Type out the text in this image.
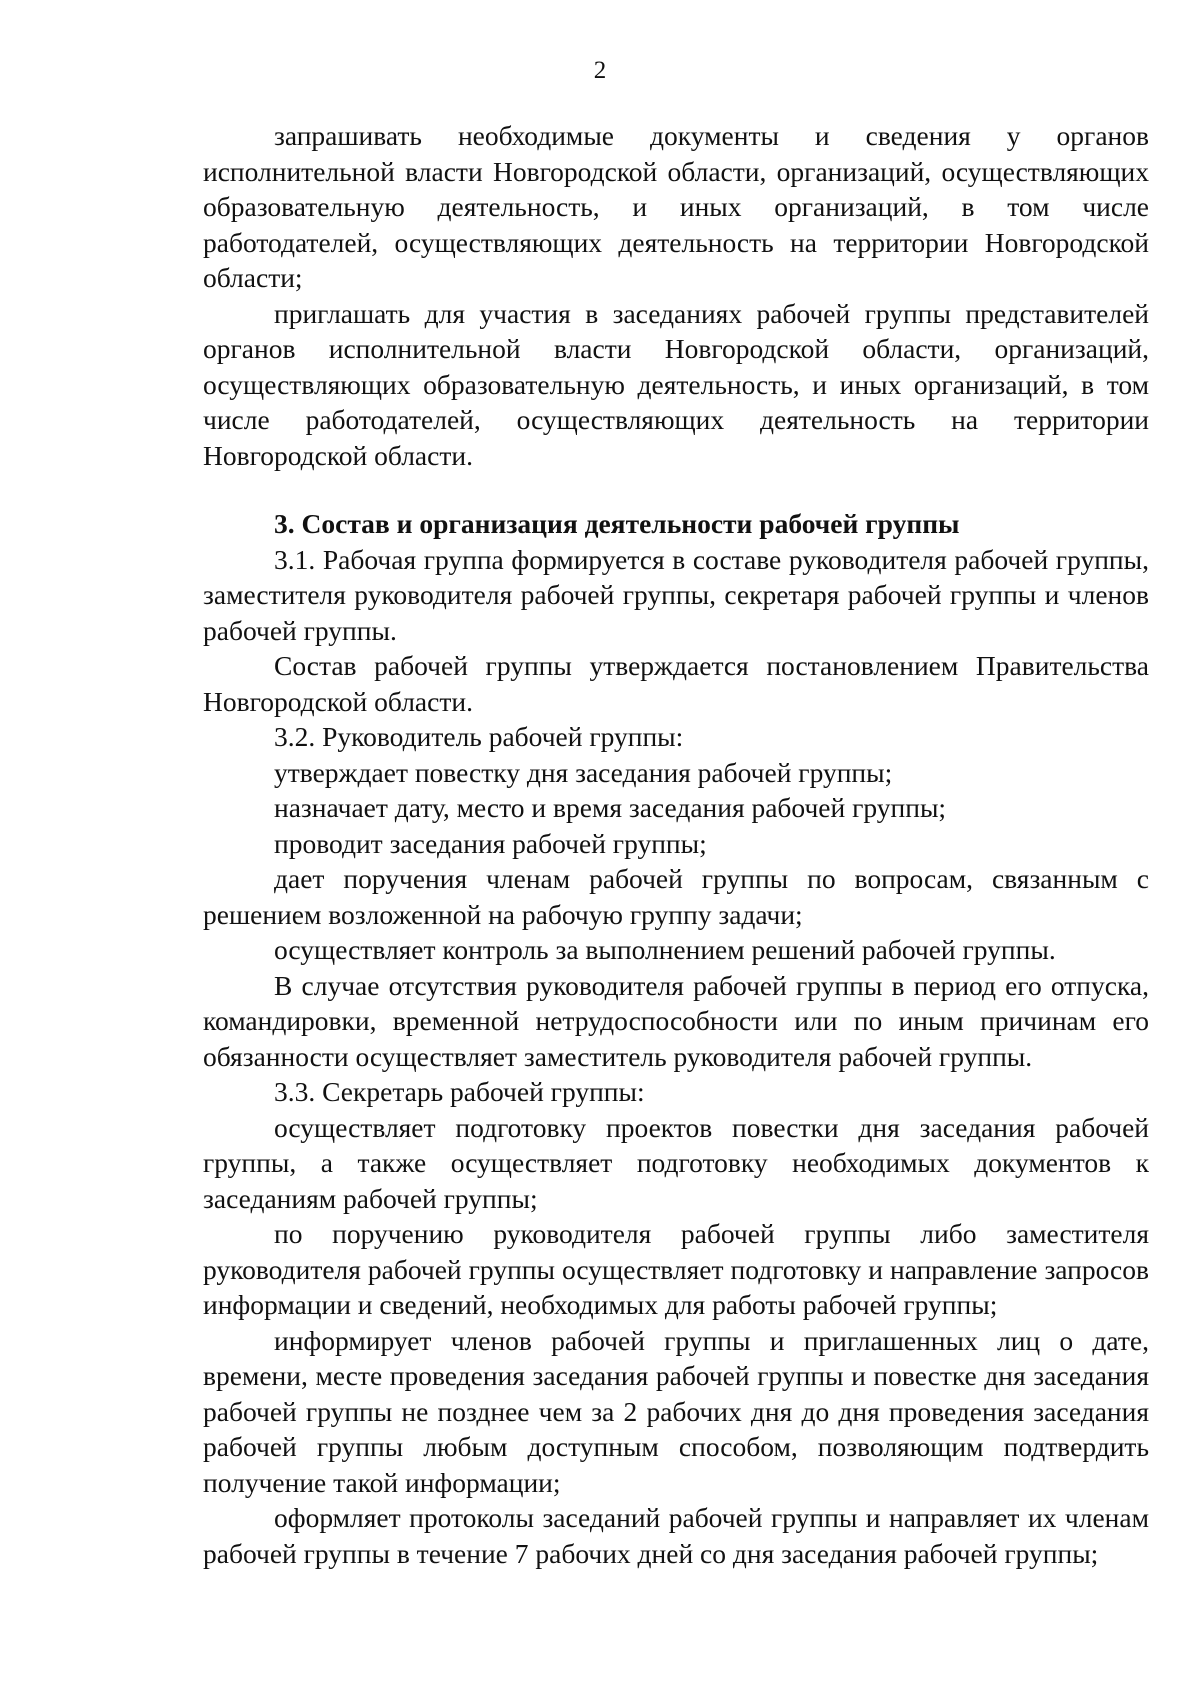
2

запрашивать необходимые документы и сведения у органов исполнительной власти Новгородской области, организаций, осуществляющих образовательную деятельность, и иных организаций, в том числе работодателей, осуществляющих деятельность на территории Новгородской области;

приглашать для участия в заседаниях рабочей группы представителей органов исполнительной власти Новгородской области, организаций, осуществляющих образовательную деятельность, и иных организаций, в том числе работодателей, осуществляющих деятельность на территории Новгородской области.

3. Состав и организация деятельности рабочей группы

3.1. Рабочая группа формируется в составе руководителя рабочей группы, заместителя руководителя рабочей группы, секретаря рабочей группы и членов рабочей группы.

Состав рабочей группы утверждается постановлением Правительства Новгородской области.

3.2. Руководитель рабочей группы:

утверждает повестку дня заседания рабочей группы;

назначает дату, место и время заседания рабочей группы;

проводит заседания рабочей группы;

дает поручения членам рабочей группы по вопросам, связанным с решением возложенной на рабочую группу задачи;

осуществляет контроль за выполнением решений рабочей группы.

В случае отсутствия руководителя рабочей группы в период его отпуска, командировки, временной нетрудоспособности или по иным причинам его обязанности осуществляет заместитель руководителя рабочей группы.

3.3. Секретарь рабочей группы:

осуществляет подготовку проектов повестки дня заседания рабочей группы, а также осуществляет подготовку необходимых документов к заседаниям рабочей группы;

по поручению руководителя рабочей группы либо заместителя руководителя рабочей группы осуществляет подготовку и направление запросов информации и сведений, необходимых для работы рабочей группы;

информирует членов рабочей группы и приглашенных лиц о дате, времени, месте проведения заседания рабочей группы и повестке дня заседания рабочей группы не позднее чем за 2 рабочих дня до дня проведения заседания рабочей группы любым доступным способом, позволяющим подтвердить получение такой информации;

оформляет протоколы заседаний рабочей группы и направляет их членам рабочей группы в течение 7 рабочих дней со дня заседания рабочей группы;
